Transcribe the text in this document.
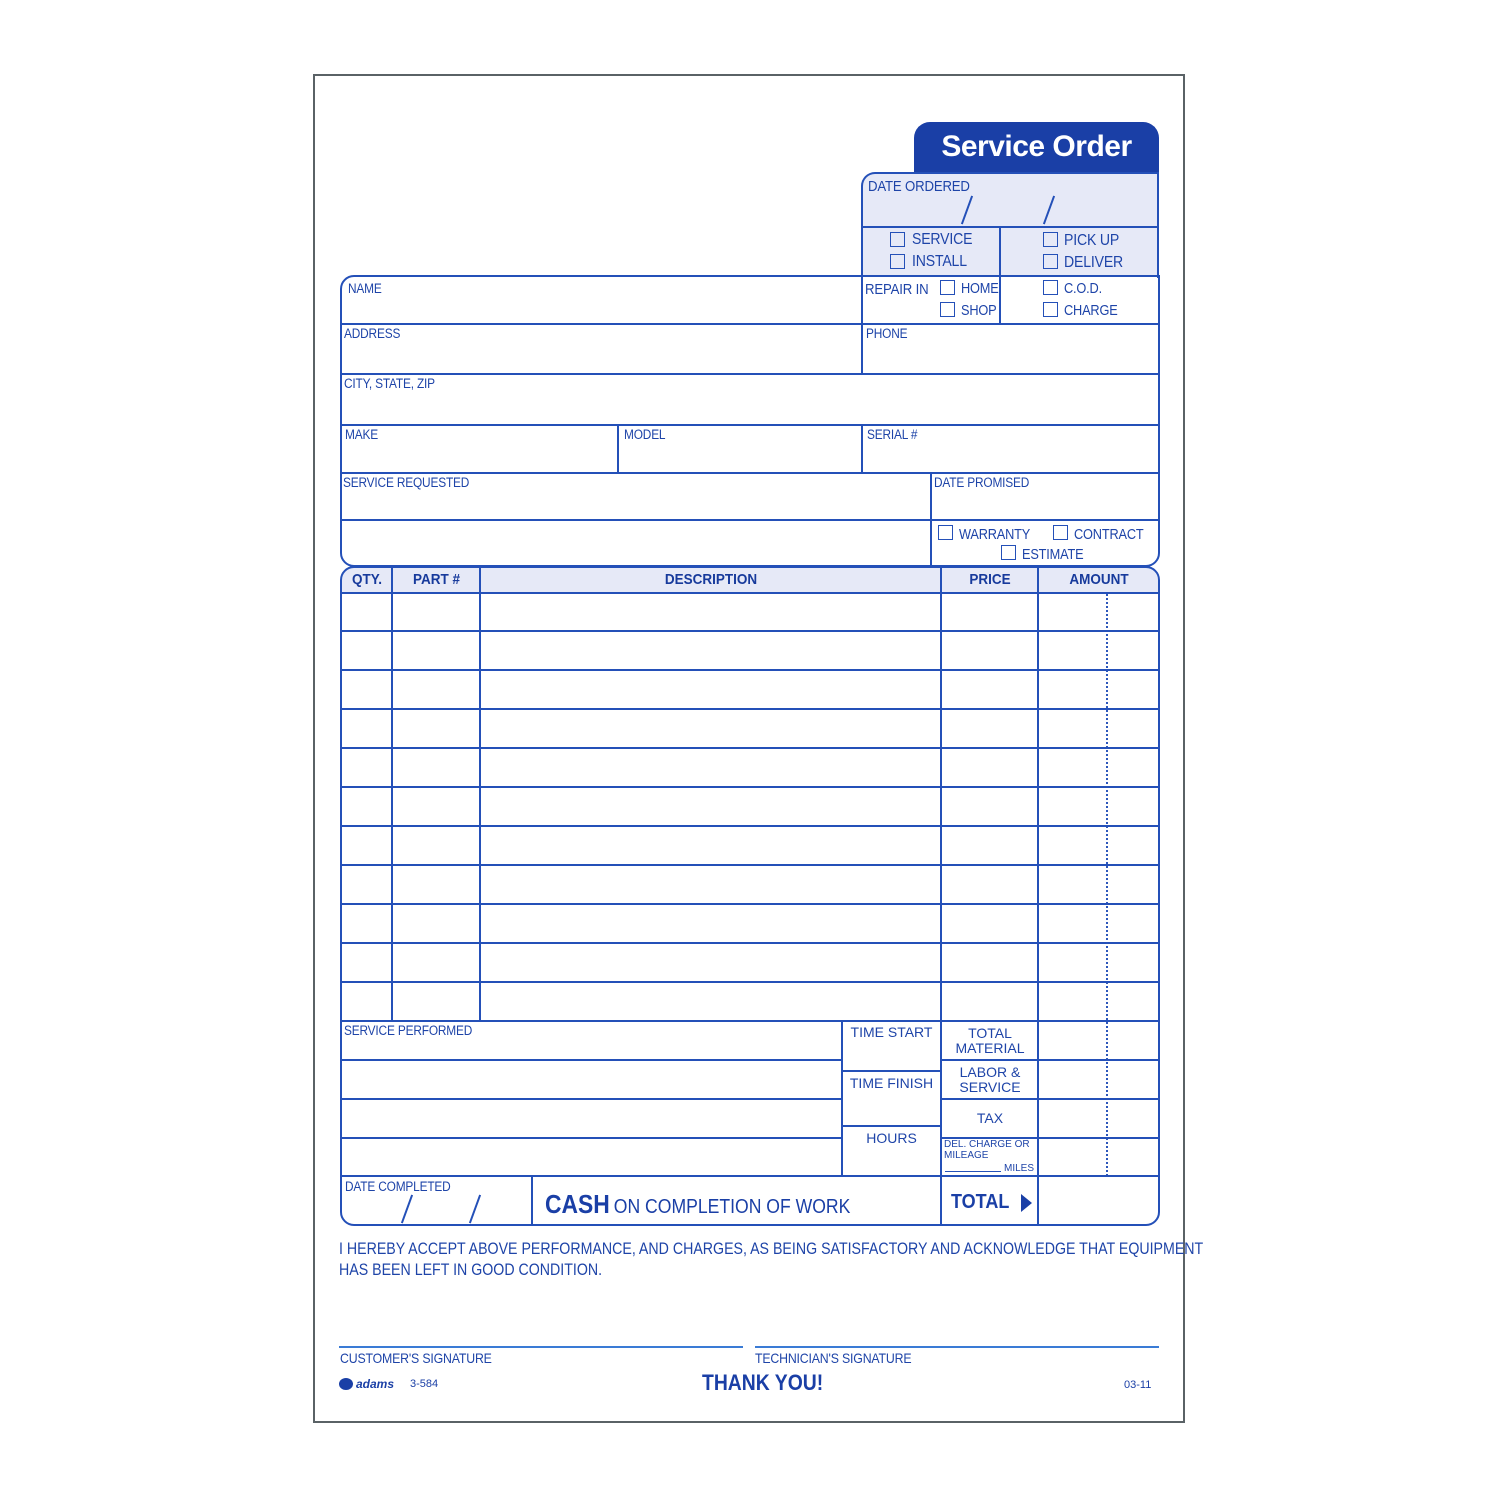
Service Order
DATE ORDERED
SERVICE
INSTALL
PICK UP
DELIVER
NAME	REPAIR IN HOME
SHOP
C.O.D.
CHARGE
ADDRESS	PHONE
CITY, STATE, ZIP
MAKE	MODEL	SERIAL #
SERVICE REQUESTED	DATE PROMISED
WARRANTY	CONTRACT
ESTIMATE
QTY.	PART #	DESCRIPTION	PRICE	AMOUNT
SERVICE PERFORMED	TIME START
TIME FINISH
HOURS
TOTAL
MATERIAL
LABOR &
SERVICE
TAX
DEL. CHARGE OR
MILEAGE
MILES
DATE COMPLETED
CASH ON COMPLETION OF WORK	TOTAL
I HEREBY ACCEPT ABOVE PERFORMANCE, AND CHARGES, AS BEING SATISFACTORY AND ACKNOWLEDGE THAT EQUIPMENT
HAS BEEN LEFT IN GOOD CONDITION.
CUSTOMER'S SIGNATURE	TECHNICIAN'S SIGNATURE
adams 3-584	THANK YOU!	03-11
